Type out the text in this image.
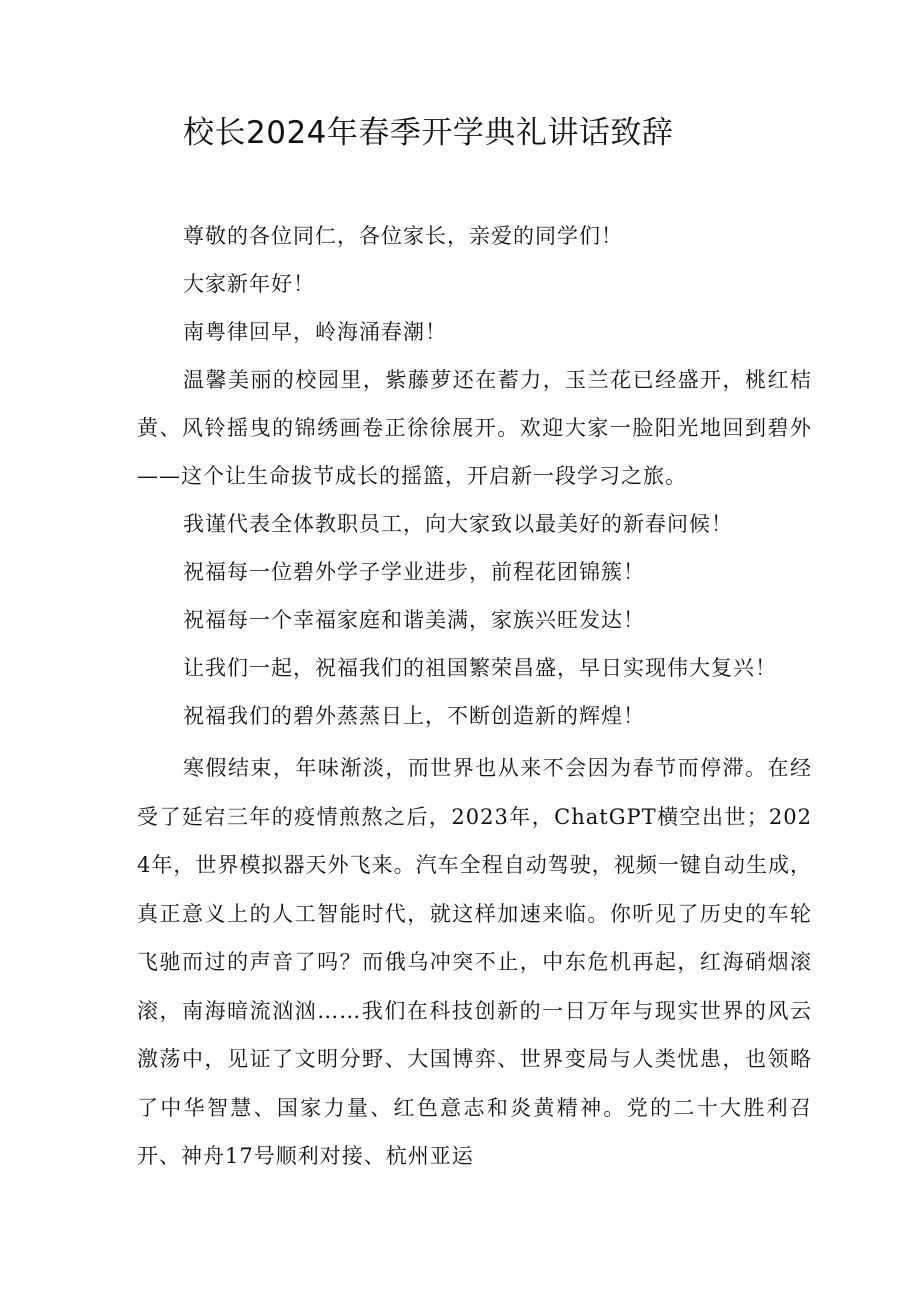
校长2024年春季开学典礼讲话致辞

尊敬的各位同仁，各位家长，亲爱的同学们！

大家新年好！

南粤律回早，岭海涌春潮！

温馨美丽的校园里，紫藤萝还在蓄力，玉兰花已经盛开，桃红桔黄、风铃摇曳的锦绣画卷正徐徐展开。欢迎大家一脸阳光地回到碧外——这个让生命拔节成长的摇篮，开启新一段学习之旅。

我谨代表全体教职员工，向大家致以最美好的新春问候！

祝福每一位碧外学子学业进步，前程花团锦簇！

祝福每一个幸福家庭和谐美满，家族兴旺发达！

让我们一起，祝福我们的祖国繁荣昌盛，早日实现伟大复兴！

祝福我们的碧外蒸蒸日上，不断创造新的辉煌！

寒假结束，年味渐淡，而世界也从来不会因为春节而停滞。在经受了延宕三年的疫情煎熬之后，2023年，ChatGPT横空出世；2024年，世界模拟器天外飞来。汽车全程自动驾驶，视频一键自动生成，真正意义上的人工智能时代，就这样加速来临。你听见了历史的车轮飞驰而过的声音了吗？而俄乌冲突不止，中东危机再起，红海硝烟滚滚，南海暗流汹汹……我们在科技创新的一日万年与现实世界的风云激荡中，见证了文明分野、大国博弈、世界变局与人类忧患，也领略了中华智慧、国家力量、红色意志和炎黄精神。党的二十大胜利召开、神舟17号顺利对接、杭州亚运
